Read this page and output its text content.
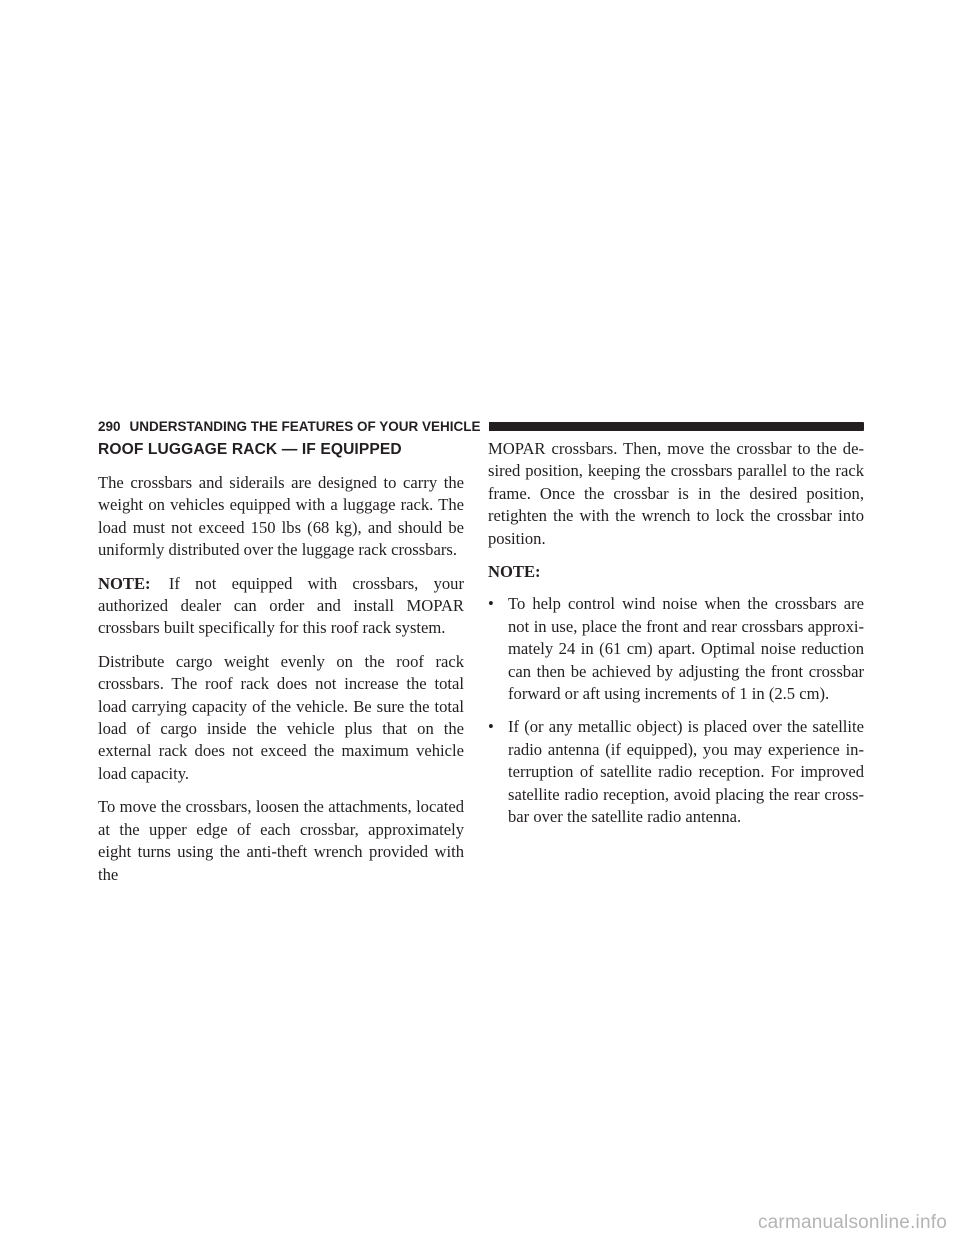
290 UNDERSTANDING THE FEATURES OF YOUR VEHICLE
ROOF LUGGAGE RACK — IF EQUIPPED

The crossbars and siderails are designed to carry the weight on vehicles equipped with a luggage rack. The load must not exceed 150 lbs (68 kg), and should be uniformly distributed over the luggage rack crossbars.

NOTE: If not equipped with crossbars, your authorized dealer can order and install MOPAR crossbars built specifically for this roof rack system.

Distribute cargo weight evenly on the roof rack crossbars. The roof rack does not increase the total load carrying capacity of the vehicle. Be sure the total load of cargo inside the vehicle plus that on the external rack does not exceed the maximum vehicle load capacity.

To move the crossbars, loosen the attachments, located at the upper edge of each crossbar, approximately eight turns using the anti-theft wrench provided with the

MOPAR crossbars. Then, move the crossbar to the de-sired position, keeping the crossbars parallel to the rack frame. Once the crossbar is in the desired position, retighten the with the wrench to lock the crossbar into position.

NOTE:
• To help control wind noise when the crossbars are not in use, place the front and rear crossbars approxi-mately 24 in (61 cm) apart. Optimal noise reduction can then be achieved by adjusting the front crossbar forward or aft using increments of 1 in (2.5 cm).
• If (or any metallic object) is placed over the satellite radio antenna (if equipped), you may experience in-terruption of satellite radio reception. For improved satellite radio reception, avoid placing the rear cross-bar over the satellite radio antenna.
carmanualsonline.info
